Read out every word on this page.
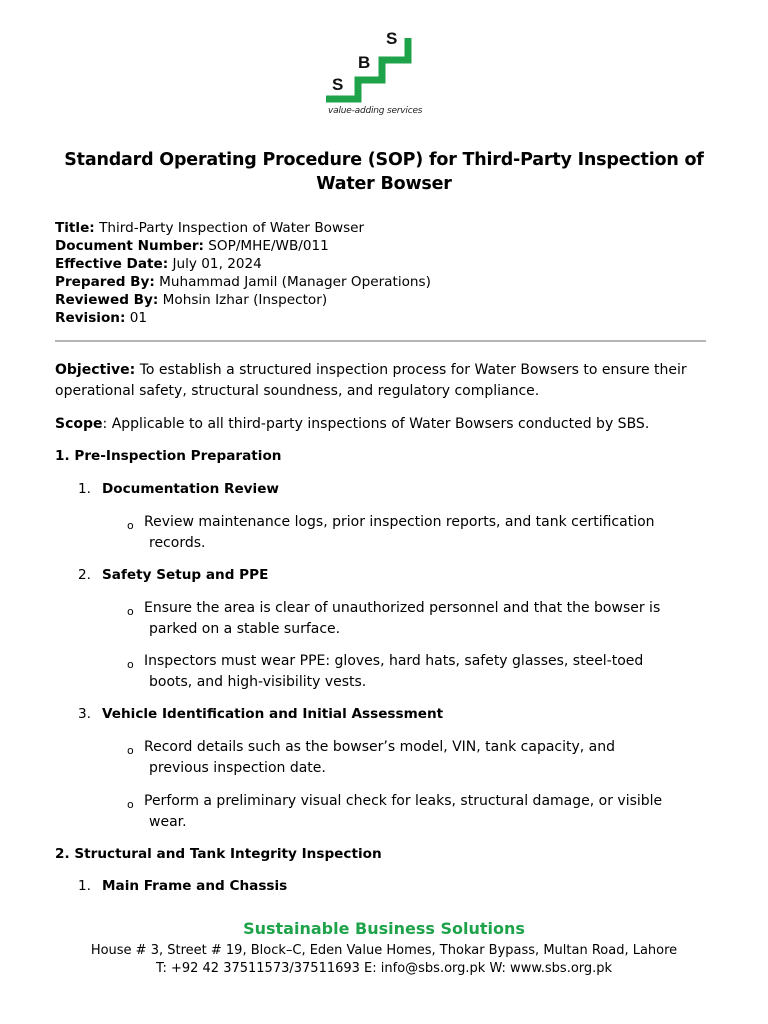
S
B
S
value-adding services
Standard Operating Procedure (SOP) for Third-Party Inspection of
Water Bowser
Title: Third-Party Inspection of Water Bowser
Document Number: SOP/MHE/WB/011
Effective Date: July 01, 2024
Prepared By: Muhammad Jamil (Manager Operations)
Reviewed By: Mohsin Izhar (Inspector)
Revision: 01
Objective: To establish a structured inspection process for Water Bowsers to ensure their operational safety, structural soundness, and regulatory compliance.
Scope: Applicable to all third-party inspections of Water Bowsers conducted by SBS.
1. Pre-Inspection Preparation
1. Documentation Review
o Review maintenance logs, prior inspection reports, and tank certification
records.
2. Safety Setup and PPE
o Ensure the area is clear of unauthorized personnel and that the bowser is
parked on a stable surface.
o Inspectors must wear PPE: gloves, hard hats, safety glasses, steel-toed
boots, and high-visibility vests.
3. Vehicle Identification and Initial Assessment
o Record details such as the bowser’s model, VIN, tank capacity, and
previous inspection date.
o Perform a preliminary visual check for leaks, structural damage, or visible
wear.
2. Structural and Tank Integrity Inspection
1. Main Frame and Chassis
Sustainable Business Solutions
House # 3, Street # 19, Block–C, Eden Value Homes, Thokar Bypass, Multan Road, Lahore
T: +92 42 37511573/37511693 E: info@sbs.org.pk W: www.sbs.org.pk
